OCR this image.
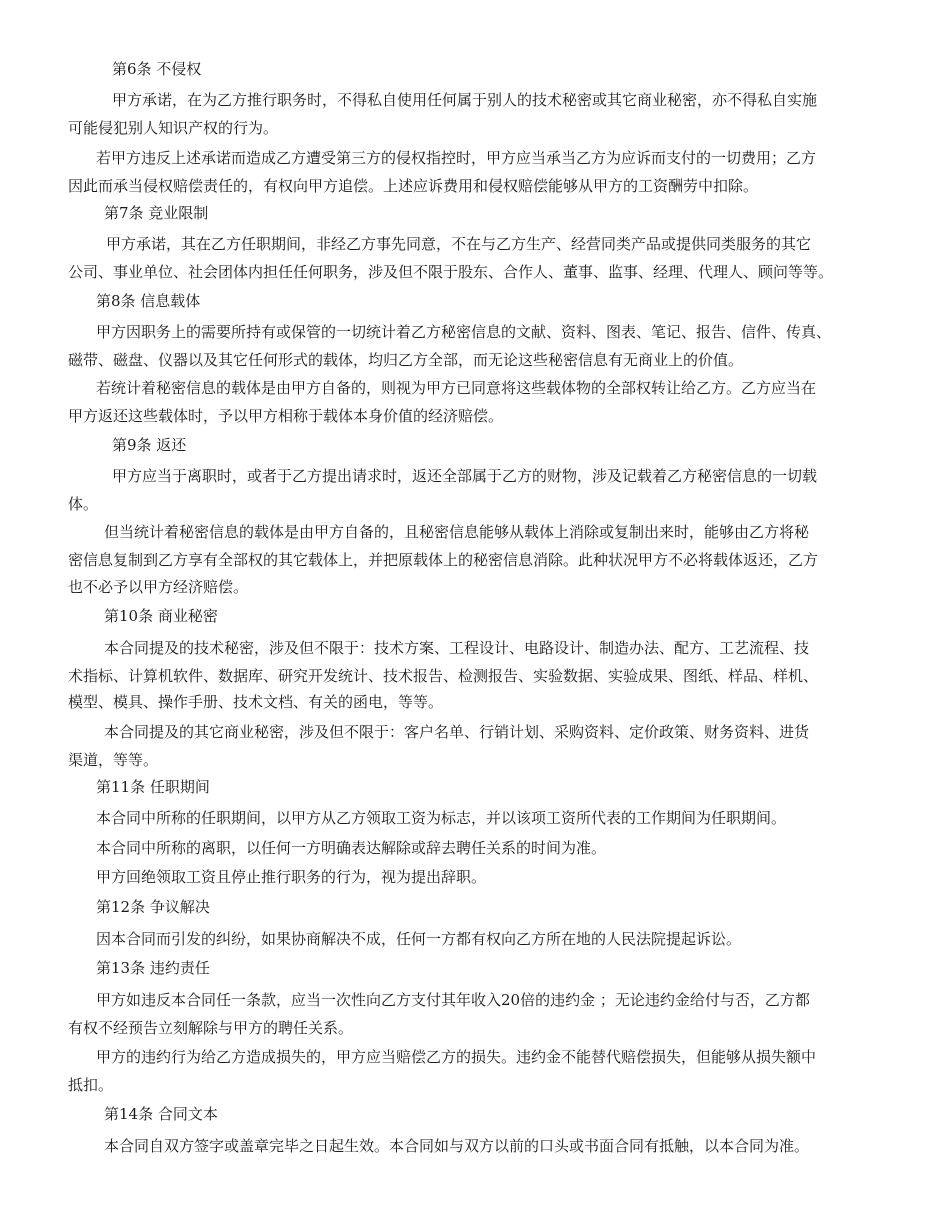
第6条 不侵权
甲方承诺，在为乙方推行职务时，不得私自使用任何属于别人的技术秘密或其它商业秘密，亦不得私自实施
可能侵犯别人知识产权的行为。
若甲方违反上述承诺而造成乙方遭受第三方的侵权指控时，甲方应当承当乙方为应诉而支付的一切费用；乙方
因此而承当侵权赔偿责任的，有权向甲方追偿。上述应诉费用和侵权赔偿能够从甲方的工资酬劳中扣除。
第7条 竞业限制
甲方承诺，其在乙方任职期间，非经乙方事先同意，不在与乙方生产、经营同类产品或提供同类服务的其它
公司、事业单位、社会团体内担任任何职务，涉及但不限于股东、合作人、董事、监事、经理、代理人、顾问等等。
第8条 信息载体
甲方因职务上的需要所持有或保管的一切统计着乙方秘密信息的文献、资料、图表、笔记、报告、信件、传真、
磁带、磁盘、仪器以及其它任何形式的载体，均归乙方全部，而无论这些秘密信息有无商业上的价值。
若统计着秘密信息的载体是由甲方自备的，则视为甲方已同意将这些载体物的全部权转让给乙方。乙方应当在
甲方返还这些载体时，予以甲方相称于载体本身价值的经济赔偿。
第9条 返还
甲方应当于离职时，或者于乙方提出请求时，返还全部属于乙方的财物，涉及记载着乙方秘密信息的一切载
体。
但当统计着秘密信息的载体是由甲方自备的，且秘密信息能够从载体上消除或复制出来时，能够由乙方将秘
密信息复制到乙方享有全部权的其它载体上，并把原载体上的秘密信息消除。此种状况甲方不必将载体返还，乙方
也不必予以甲方经济赔偿。
第10条 商业秘密
本合同提及的技术秘密，涉及但不限于：技术方案、工程设计、电路设计、制造办法、配方、工艺流程、技
术指标、计算机软件、数据库、研究开发统计、技术报告、检测报告、实验数据、实验成果、图纸、样品、样机、
模型、模具、操作手册、技术文档、有关的函电，等等。
本合同提及的其它商业秘密，涉及但不限于：客户名单、行销计划、采购资料、定价政策、财务资料、进货
渠道，等等。
第11条 任职期间
本合同中所称的任职期间，以甲方从乙方领取工资为标志，并以该项工资所代表的工作期间为任职期间。
本合同中所称的离职，以任何一方明确表达解除或辞去聘任关系的时间为准。
甲方回绝领取工资且停止推行职务的行为，视为提出辞职。
第12条 争议解决
因本合同而引发的纠纷，如果协商解决不成，任何一方都有权向乙方所在地的人民法院提起诉讼。
第13条 违约责任
甲方如违反本合同任一条款，应当一次性向乙方支付其年收入20倍的违约金 ；无论违约金给付与否，乙方都
有权不经预告立刻解除与甲方的聘任关系。
甲方的违约行为给乙方造成损失的，甲方应当赔偿乙方的损失。违约金不能替代赔偿损失，但能够从损失额中
抵扣。
第14条 合同文本
本合同自双方签字或盖章完毕之日起生效。本合同如与双方以前的口头或书面合同有抵触，以本合同为准。
